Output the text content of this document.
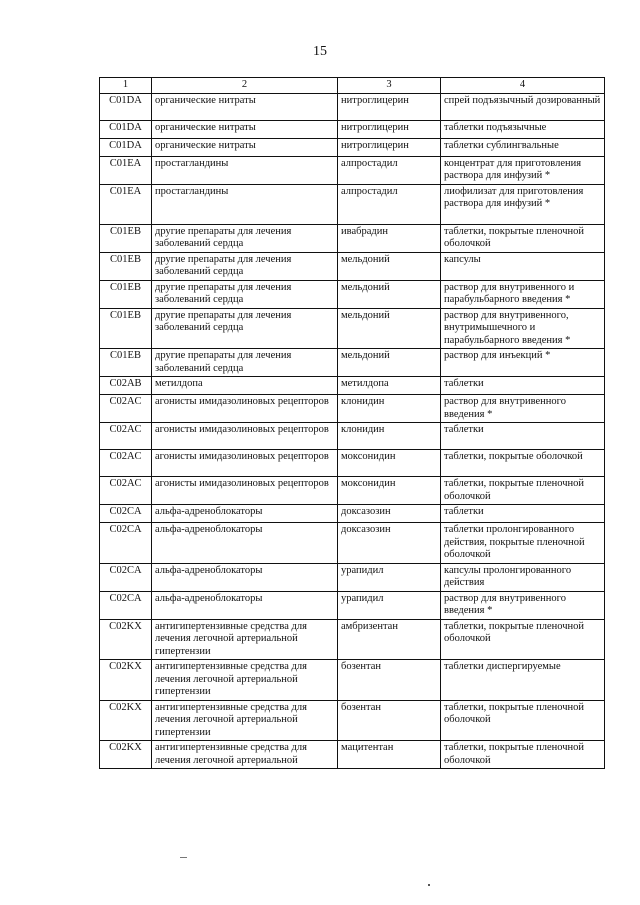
15
1	2	3	4
C01DA	органические нитраты	нитроглицерин	спрей подъязычный дозированный
C01DA	органические нитраты	нитроглицерин	таблетки подъязычные
C01DA	органические нитраты	нитроглицерин	таблетки сублингвальные
C01EA	простагландины	алпростадил	концентрат для приготовления раствора для инфузий *
C01EA	простагландины	алпростадил	лиофилизат для приготовления раствора для инфузий *
C01EB	другие препараты для лечения заболеваний сердца	ивабрадин	таблетки, покрытые пленочной оболочкой
C01EB	другие препараты для лечения заболеваний сердца	мельдоний	капсулы
C01EB	другие препараты для лечения заболеваний сердца	мельдоний	раствор для внутривенного и парабульбарного введения *
C01EB	другие препараты для лечения заболеваний сердца	мельдоний	раствор для внутривенного, внутримышечного и парабульбарного введения *
C01EB	другие препараты для лечения заболеваний сердца	мельдоний	раствор для инъекций *
C02AB	метилдопа	метилдопа	таблетки
C02AC	агонисты имидазолиновых рецепторов	клонидин	раствор для внутривенного введения *
C02AC	агонисты имидазолиновых рецепторов	клонидин	таблетки
C02AC	агонисты имидазолиновых рецепторов	моксонидин	таблетки, покрытые оболочкой
C02AC	агонисты имидазолиновых рецепторов	моксонидин	таблетки, покрытые пленочной оболочкой
C02CA	альфа-адреноблокаторы	доксазозин	таблетки
C02CA	альфа-адреноблокаторы	доксазозин	таблетки пролонгированного действия, покрытые пленочной оболочкой
C02CA	альфа-адреноблокаторы	урапидил	капсулы пролонгированного действия
C02CA	альфа-адреноблокаторы	урапидил	раствор для внутривенного введения *
C02KX	антигипертензивные средства для лечения легочной артериальной гипертензии	амбризентан	таблетки, покрытые пленочной оболочкой
C02KX	антигипертензивные средства для лечения легочной артериальной гипертензии	бозентан	таблетки диспергируемые
C02KX	антигипертензивные средства для лечения легочной артериальной гипертензии	бозентан	таблетки, покрытые пленочной оболочкой
C02KX	антигипертензивные средства для лечения легочной артериальной	мацитентан	таблетки, покрытые пленочной оболочкой
